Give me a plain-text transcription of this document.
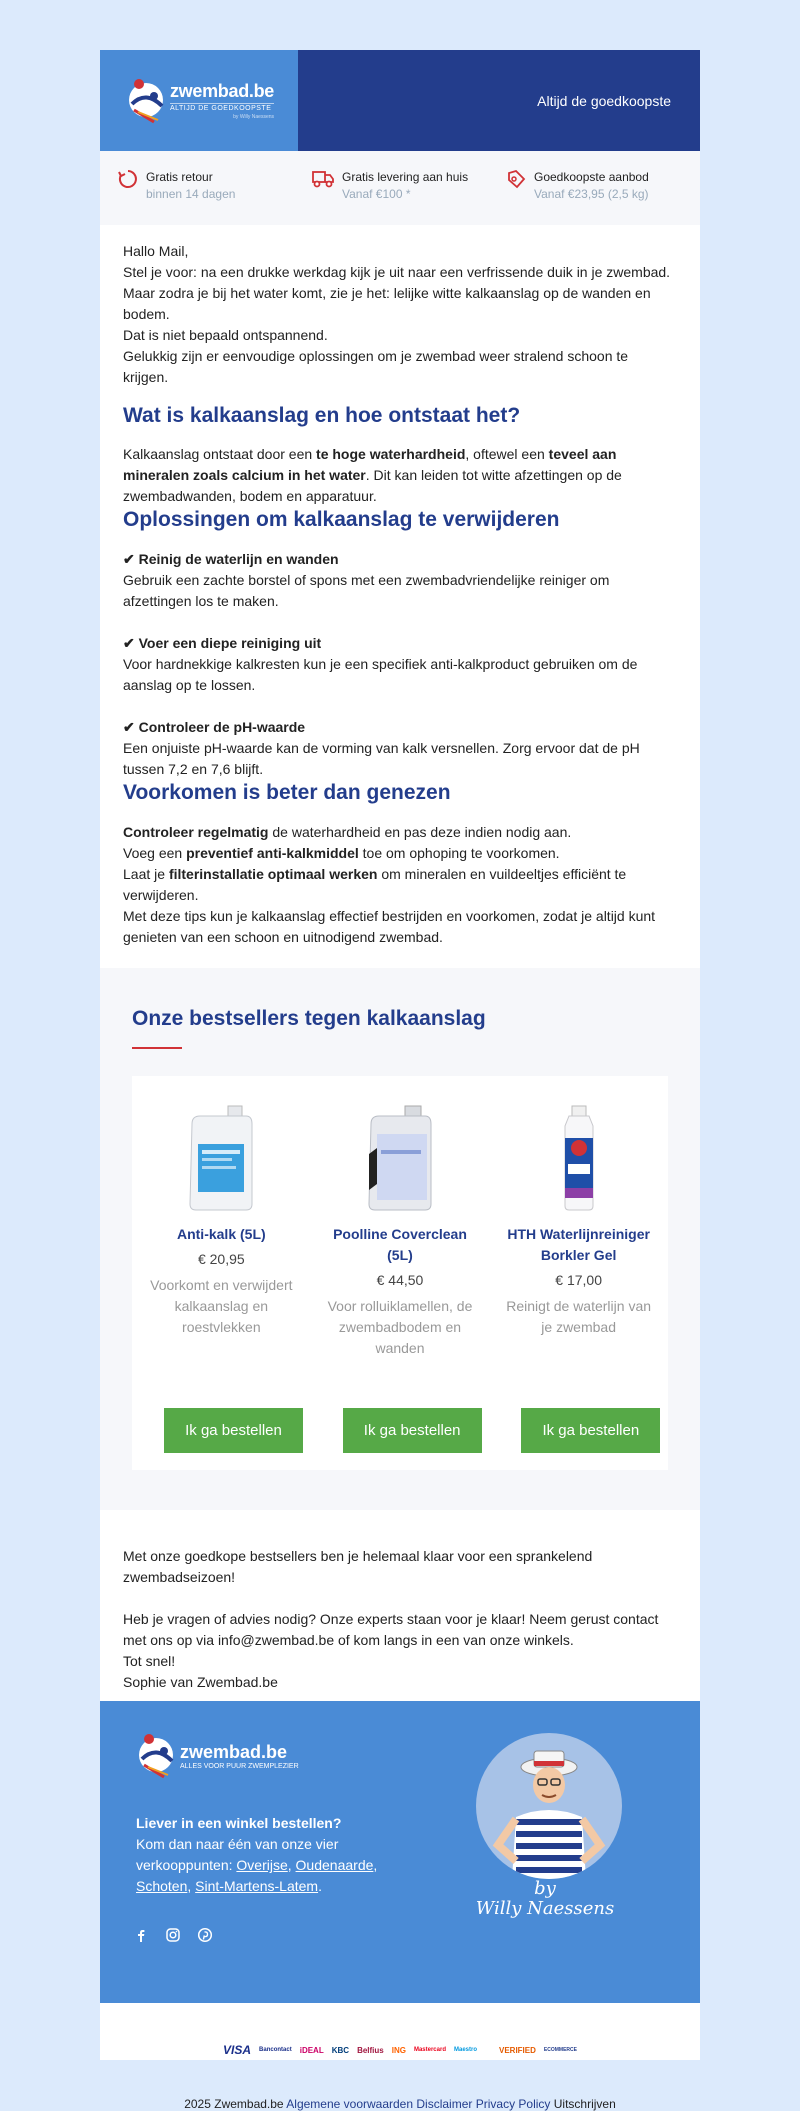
zwembad.be
ALTIJD DE GOEDKOOPSTE
by Willy Naessens
Altijd de goedkoopste
Gratis retour
binnen 14 dagen
Gratis levering aan huis
Vanaf €100 *
Goedkoopste aanbod
Vanaf €23,95 (2,5 kg)

Hallo Mail,

Stel je voor: na een drukke werkdag kijk je uit naar een verfrissende duik in je zwembad. Maar zodra je bij het water komt, zie je het: lelijke witte kalkaanslag op de wanden en bodem.

Dat is niet bepaald ontspannend.

Gelukkig zijn er eenvoudige oplossingen om je zwembad weer stralend schoon te krijgen.

Wat is kalkaanslag en hoe ontstaat het?

Kalkaanslag ontstaat door een te hoge waterhardheid, oftewel een teveel aan mineralen zoals calcium in het water. Dit kan leiden tot witte afzettingen op de zwembadwanden, bodem en apparatuur.

Oplossingen om kalkaanslag te verwijderen

✔ Reinig de waterlijn en wanden

Gebruik een zachte borstel of spons met een zwembadvriendelijke reiniger om afzettingen los te maken.

✔ Voer een diepe reiniging uit

Voor hardnekkige kalkresten kun je een specifiek anti-kalkproduct gebruiken om de aanslag op te lossen.

✔ Controleer de pH-waarde

Een onjuiste pH-waarde kan de vorming van kalk versnellen. Zorg ervoor dat de pH tussen 7,2 en 7,6 blijft.

Voorkomen is beter dan genezen

Controleer regelmatig de waterhardheid en pas deze indien nodig aan.

Voeg een preventief anti-kalkmiddel toe om ophoping te voorkomen.

Laat je filterinstallatie optimaal werken om mineralen en vuildeeltjes efficiënt te verwijderen.

Met deze tips kun je kalkaanslag effectief bestrijden en voorkomen, zodat je altijd kunt genieten van een schoon en uitnodigend zwembad.

Onze bestsellers tegen kalkaanslag
Anti-kalk (5L)
€ 20,95
Voorkomt en verwijdert kalkaanslag en roestvlekken
Ik ga bestellen
Poolline Coverclean (5L)
€ 44,50
Voor rolluiklamellen, de zwembadbodem en wanden
Ik ga bestellen
HTH Waterlijnreiniger Borkler Gel
€ 17,00
Reinigt de waterlijn van je zwembad
Ik ga bestellen

Met onze goedkope bestsellers ben je helemaal klaar voor een sprankelend zwembadseizoen!

Heb je vragen of advies nodig? Onze experts staan voor je klaar! Neem gerust contact met ons op via info@zwembad.be of kom langs in een van onze winkels.

Tot snel!

Sophie van Zwembad.be

zwembad.be
ALLES VOOR PUUR ZWEMPLEZIER
Liever in een winkel bestellen?
Kom dan naar één van onze vier verkooppunten: Overijse, Oudenaarde, Schoten, Sint-Martens-Latem.	by
Willy Naessens
VISA Bancontact iDEAL KBC Belfius ING Mastercard Maestro	VERIFIED ECOMMERCE
2025 Zwembad.be Algemene voorwaarden Disclaimer Privacy Policy Uitschrijven
